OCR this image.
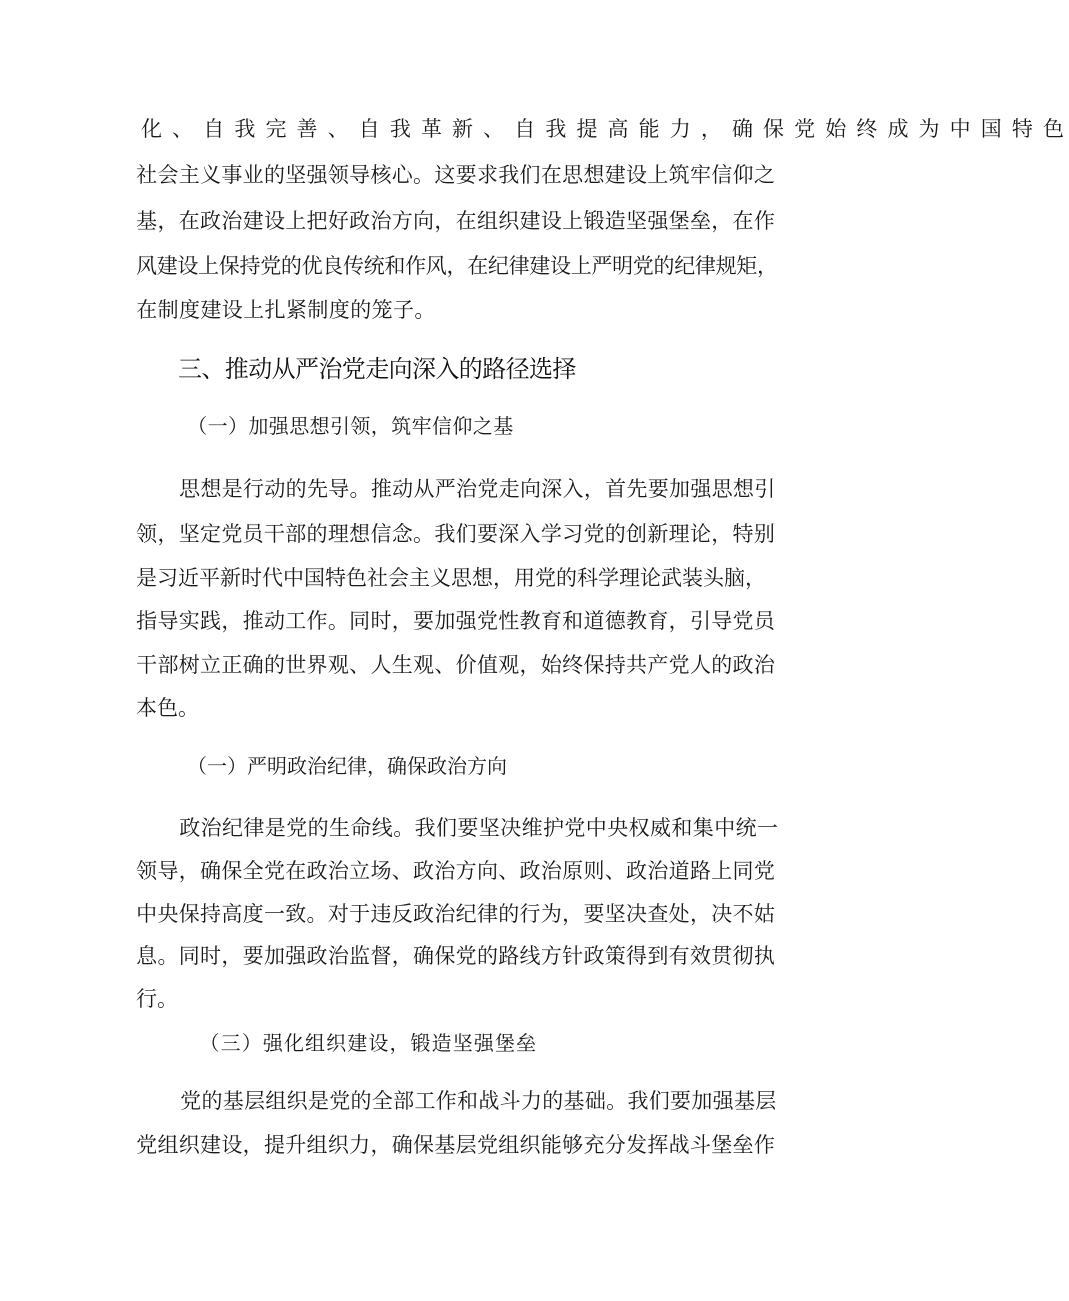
化 、 自 我 完 善 、 自 我 革 新 、 自 我 提 高 能 力 ， 确 保 党 始 终 成 为 中 国 特 色
社 会 主 义 事 业 的 坚 强 领 导 核 心 。 这 要 求 我 们 在 思 想 建 设 上 筑 牢 信 仰 之
基 ， 在 政 治 建 设 上 把 好 政 治 方 向 ， 在 组 织 建 设 上 锻 造 坚 强 堡 垒 ， 在 作
风 建 设 上 保 持 党 的 优 良 传 统 和 作 风 ， 在 纪 律 建 设 上 严 明 党 的 纪 律 规 矩 ，
在 制 度 建 设 上 扎 紧 制 度 的 笼 子 。
三 、 推 动 从 严 治 党 走 向 深 入 的 路 径 选 择
（ 一 ） 加 强 思 想 引 领 ， 筑 牢 信 仰 之 基
思 想 是 行 动 的 先 导 。 推 动 从 严 治 党 走 向 深 入 ， 首 先 要 加 强 思 想 引
领 ， 坚 定 党 员 干 部 的 理 想 信 念 。 我 们 要 深 入 学 习 党 的 创 新 理 论 ， 特 别
是 习 近 平 新 时 代 中 国 特 色 社 会 主 义 思 想 ， 用 党 的 科 学 理 论 武 装 头 脑 ，
指 导 实 践 ， 推 动 工 作 。 同 时 ， 要 加 强 党 性 教 育 和 道 德 教 育 ， 引 导 党 员
干 部 树 立 正 确 的 世 界 观 、 人 生 观 、 价 值 观 ， 始 终 保 持 共 产 党 人 的 政 治
本 色 。
（ 一 ） 严 明 政 治 纪 律 ， 确 保 政 治 方 向
政 治 纪 律 是 党 的 生 命 线 。 我 们 要 坚 决 维 护 党 中 央 权 威 和 集 中 统 一
领 导 ， 确 保 全 党 在 政 治 立 场 、 政 治 方 向 、 政 治 原 则 、 政 治 道 路 上 同 党
中 央 保 持 高 度 一 致 。 对 于 违 反 政 治 纪 律 的 行 为 ， 要 坚 决 查 处 ， 决 不 姑
息 。 同 时 ， 要 加 强 政 治 监 督 ， 确 保 党 的 路 线 方 针 政 策 得 到 有 效 贯 彻 执
行 。
（ 三 ） 强 化 组 织 建 设 ， 锻 造 坚 强 堡 垒
党 的 基 层 组 织 是 党 的 全 部 工 作 和 战 斗 力 的 基 础 。 我 们 要 加 强 基 层
党 组 织 建 设 ， 提 升 组 织 力 ， 确 保 基 层 党 组 织 能 够 充 分 发 挥 战 斗 堡 垒 作
